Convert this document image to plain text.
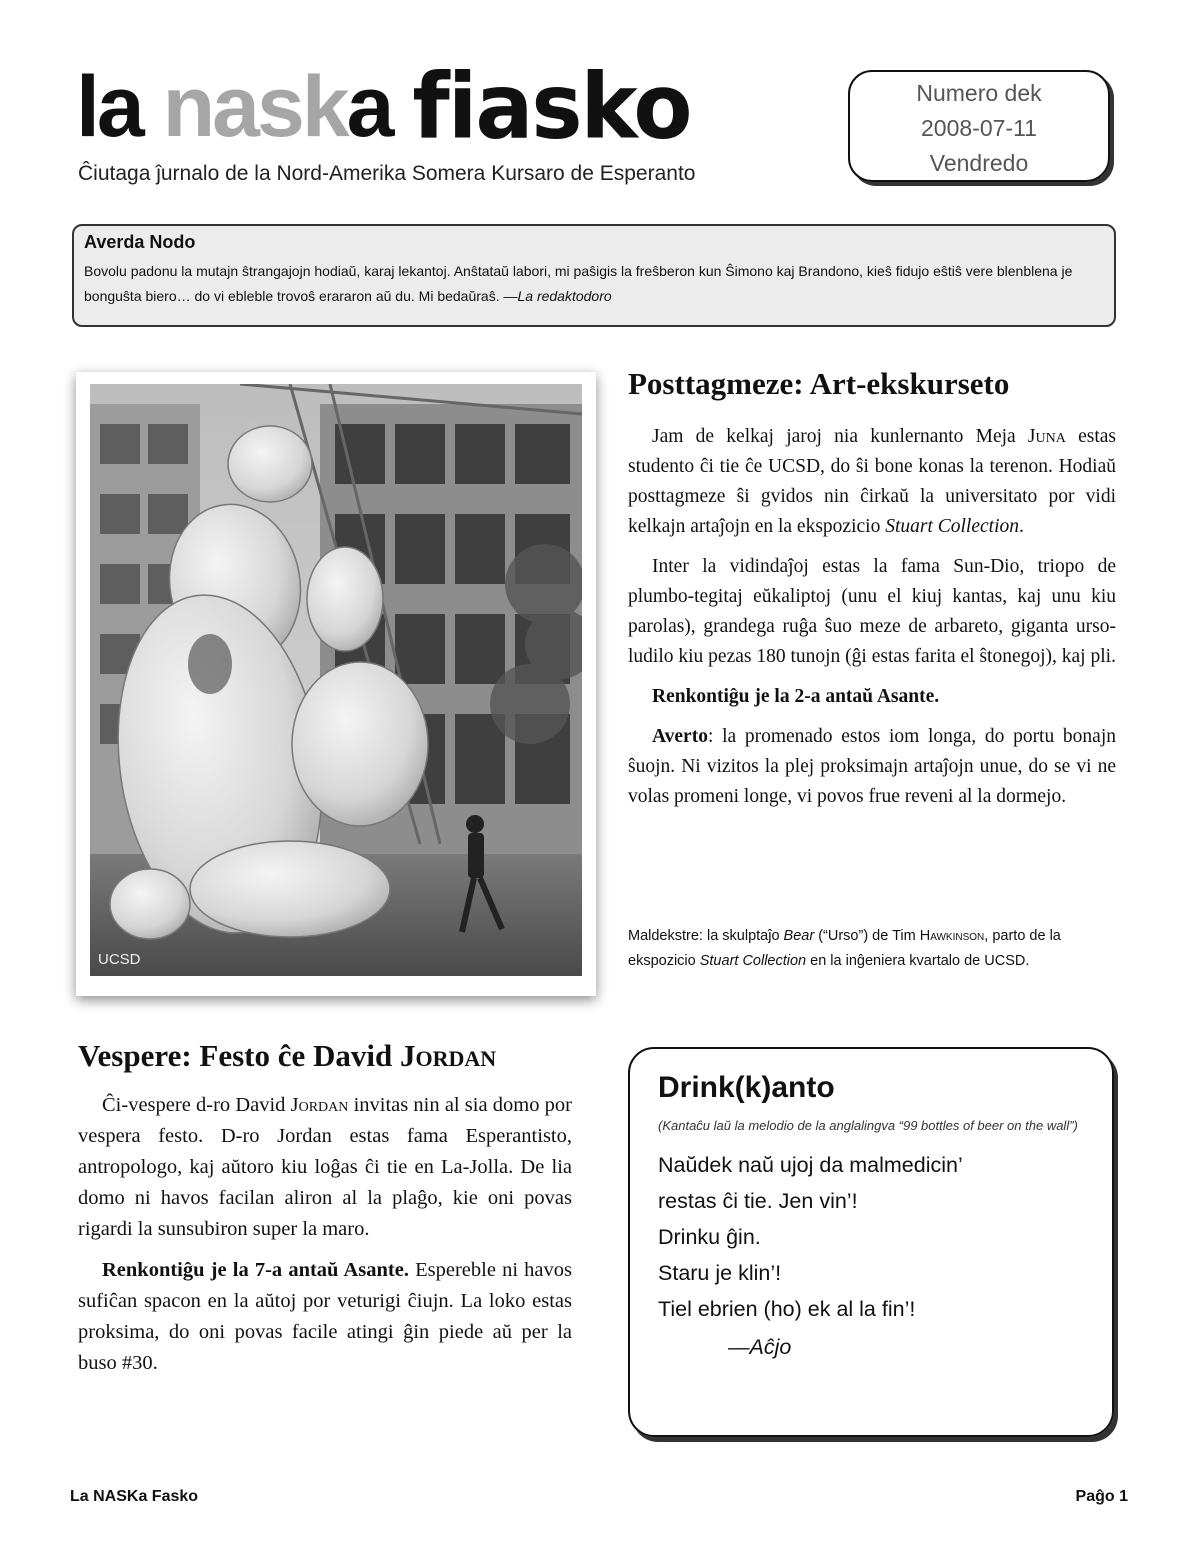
la naska fiasko
Ĉiutaga ĵurnalo de la Nord-Amerika Somera Kursaro de Esperanto
Numero dek
2008-07-11
Vendredo
Averda Nodo
Bovolu padonu la mutajn ŝtrangajojn hodiaŭ, karaj lekantoj. Anŝtataŭ labori, mi paŝigis la freŝberon kun Ŝimono kaj Brandono, kieŝ fidujo eŝtiŝ vere blenblena je bonguŝta biero… do vi ebleble trovoŝ erararon aŭ du. Mi bedaŭraŝ. —La redaktodoro
UCSD
Posttagmeze: Art-ekskurseto

Jam de kelkaj jaroj nia kunlernanto Meja Juna estas studento ĉi tie ĉe UCSD, do ŝi bone konas la terenon. Hodiaŭ posttagmeze ŝi gvidos nin ĉirkaŭ la universitato por vidi kelkajn artaĵojn en la ekspozicio Stuart Collection.

Inter la vidindaĵoj estas la fama Sun-Dio, triopo de plumbo-tegitaj eŭkaliptoj (unu el kiuj kantas, kaj unu kiu parolas), grandega ruĝa ŝuo meze de arbareto, giganta urso-ludilo kiu pezas 180 tunojn (ĝi estas farita el ŝtonegoj), kaj pli.

Renkontiĝu je la 2-a antaŭ Asante.

Averto: la promenado estos iom longa, do portu bonajn ŝuojn. Ni vizitos la plej proksimajn artaĵojn unue, do se vi ne volas promeni longe, vi povos frue reveni al la dormejo.

Maldekstre: la skulptaĵo Bear (“Urso”) de Tim Hawkinson, parto de la ekspozicio Stuart Collection en la inĝeniera kvartalo de UCSD.
Vespere: Festo ĉe David Jordan

Ĉi-vespere d-ro David Jordan invitas nin al sia domo por vespera festo. D-ro Jordan estas fama Esperantisto, antropologo, kaj aŭtoro kiu loĝas ĉi tie en La-Jolla. De lia domo ni havos facilan aliron al la plaĝo, kie oni povas rigardi la sunsubiron super la maro.

Renkontiĝu je la 7-a antaŭ Asante. Espereble ni havos sufiĉan spacon en la aŭtoj por veturigi ĉiujn. La loko estas proksima, do oni povas facile atingi ĝin piede aŭ per la buso #30.

Drink(k)anto
(Kantaĉu laŭ la melodio de la anglalingva “99 bottles of beer on the wall”)
Naŭdek naŭ ujoj da malmedicin’
restas ĉi tie. Jen vin’!
Drinku ĝin.
Staru je klin’!
Tiel ebrien (ho) ek al la fin’!
—Aĉjo
La NASKa Fasko	Paĝo 1
